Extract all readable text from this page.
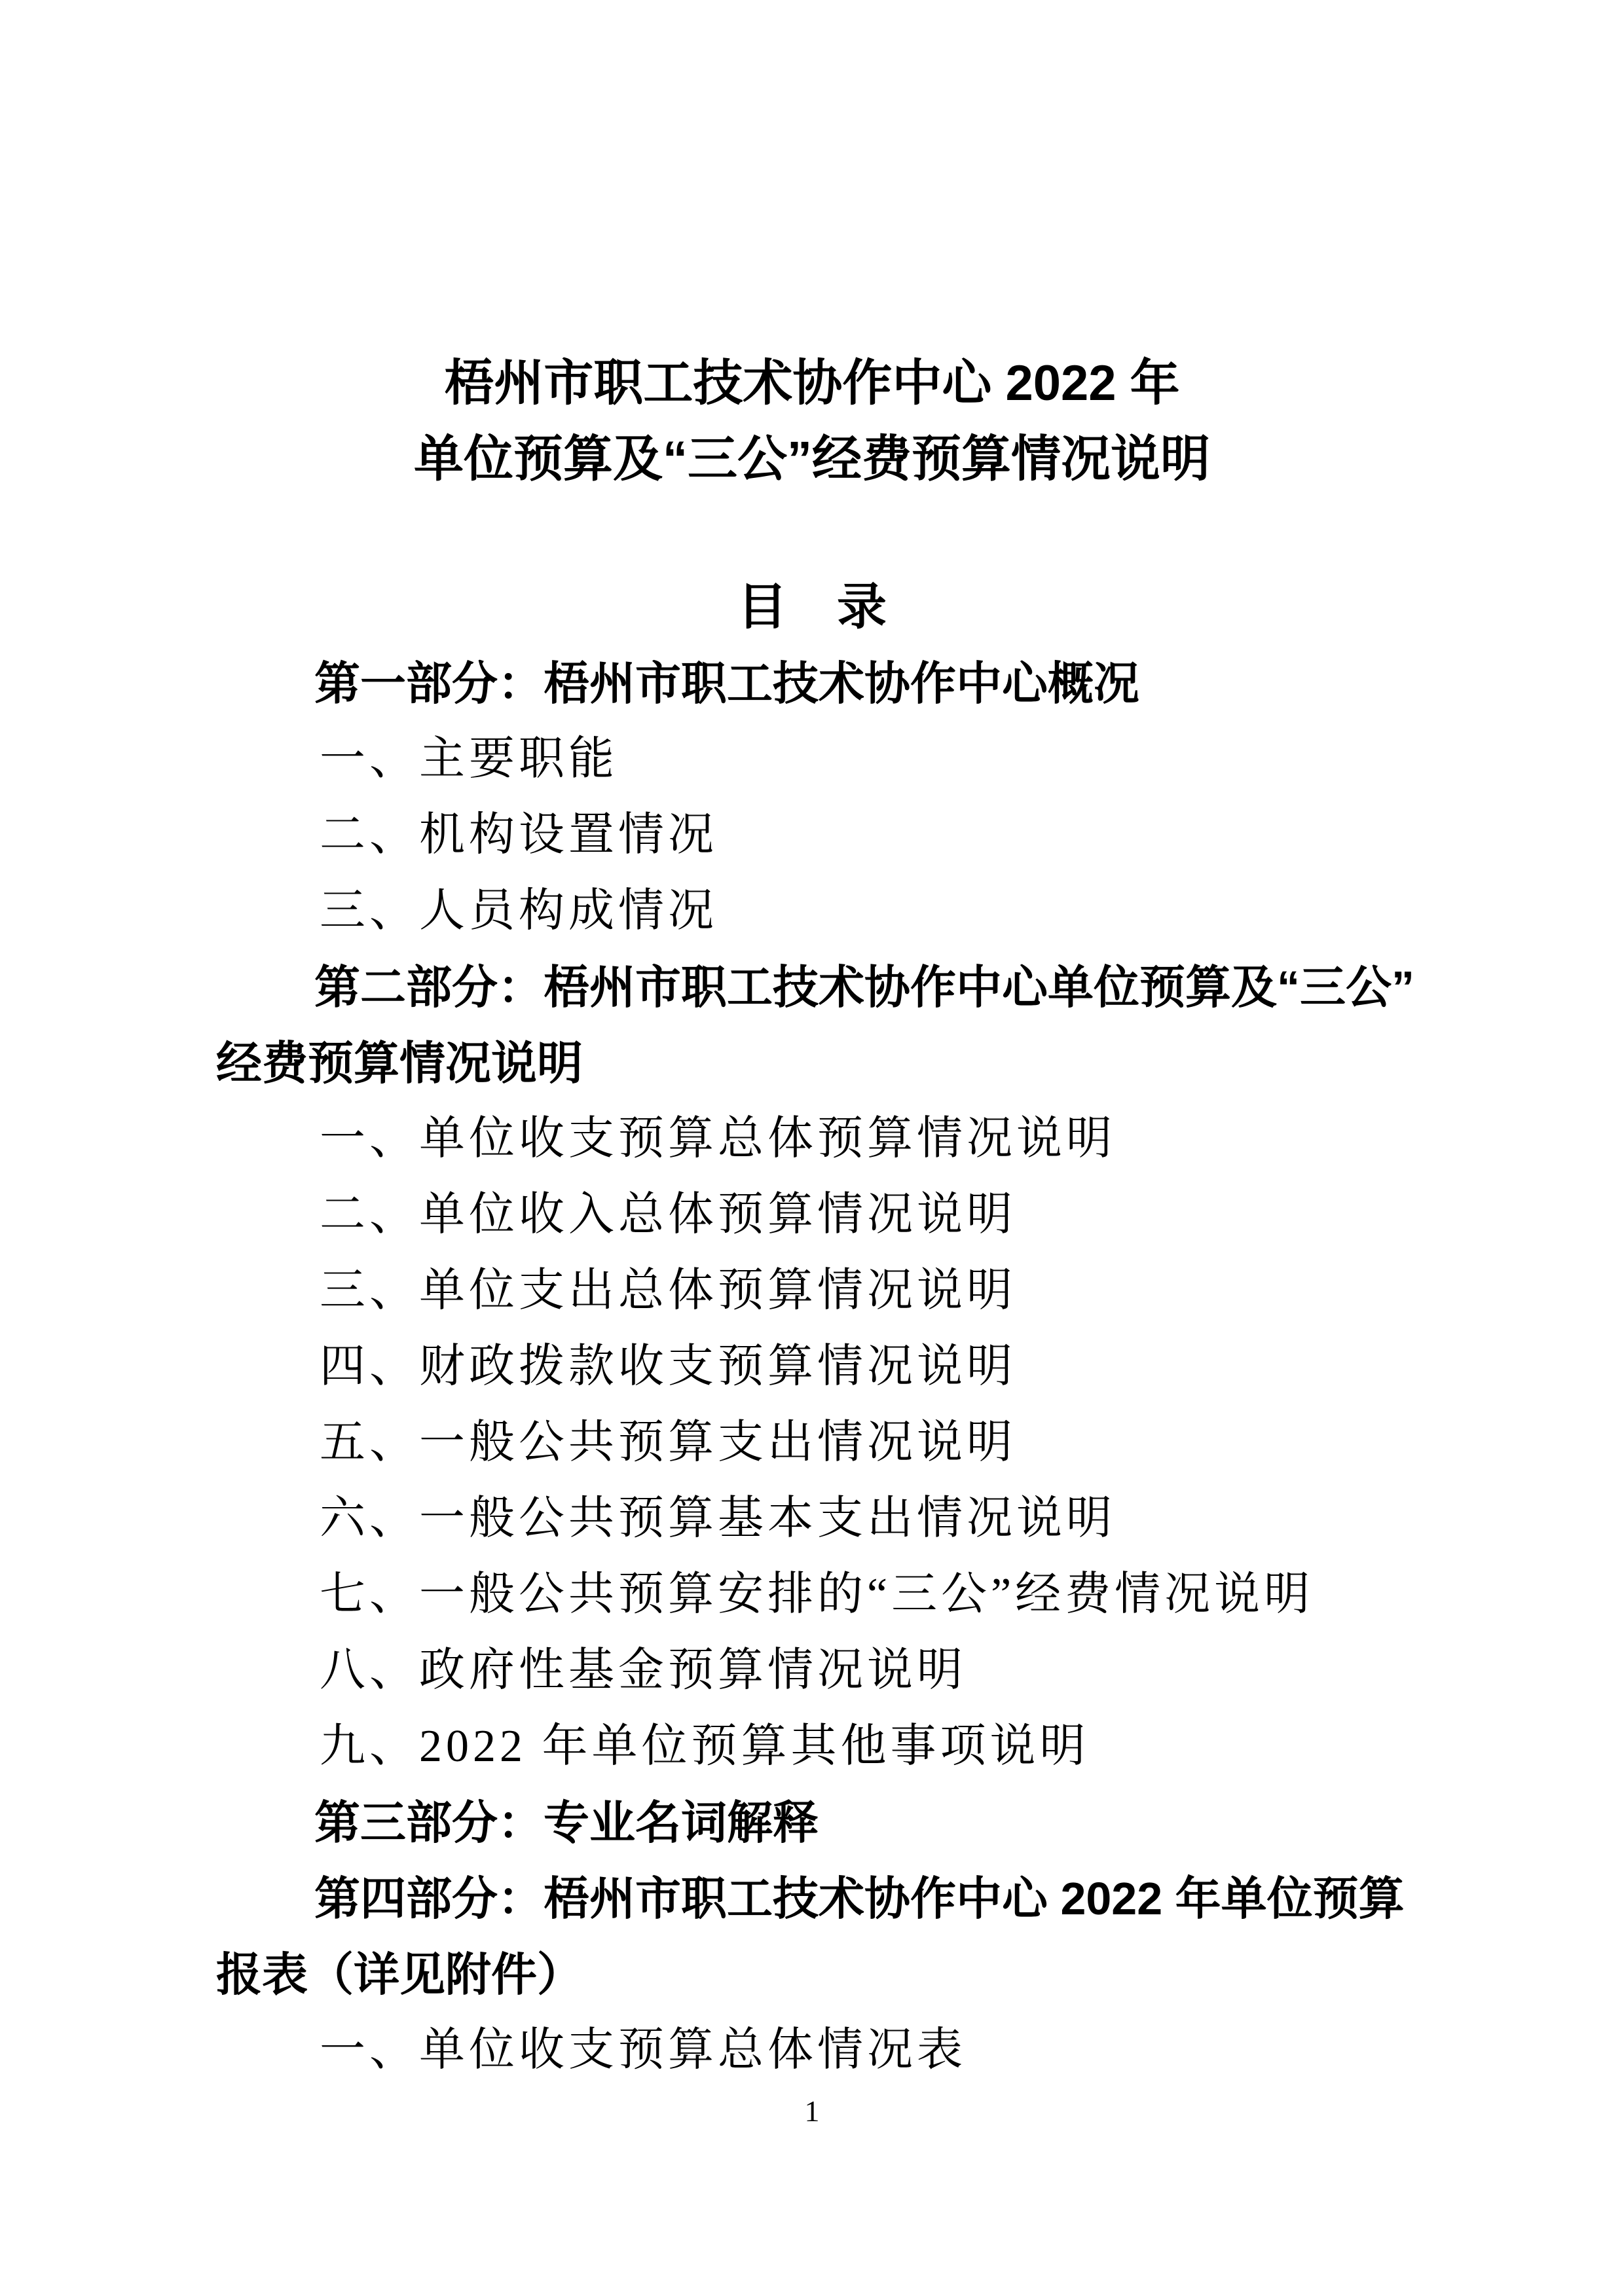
梧州市职工技术协作中心 2022 年

单位预算及“三公”经费预算情况说明

目　录

第一部分：梧州市职工技术协作中心概况

一、主要职能

二、机构设置情况

三、人员构成情况

第二部分：梧州市职工技术协作中心单位预算及“三公”

经费预算情况说明

一、单位收支预算总体预算情况说明

二、单位收入总体预算情况说明

三、单位支出总体预算情况说明

四、财政拨款收支预算情况说明

五、一般公共预算支出情况说明

六、一般公共预算基本支出情况说明

七、一般公共预算安排的“三公”经费情况说明

八、政府性基金预算情况说明

九、2022 年单位预算其他事项说明

第三部分：专业名词解释

第四部分：梧州市职工技术协作中心 2022 年单位预算

报表（详见附件）

一、单位收支预算总体情况表

1
